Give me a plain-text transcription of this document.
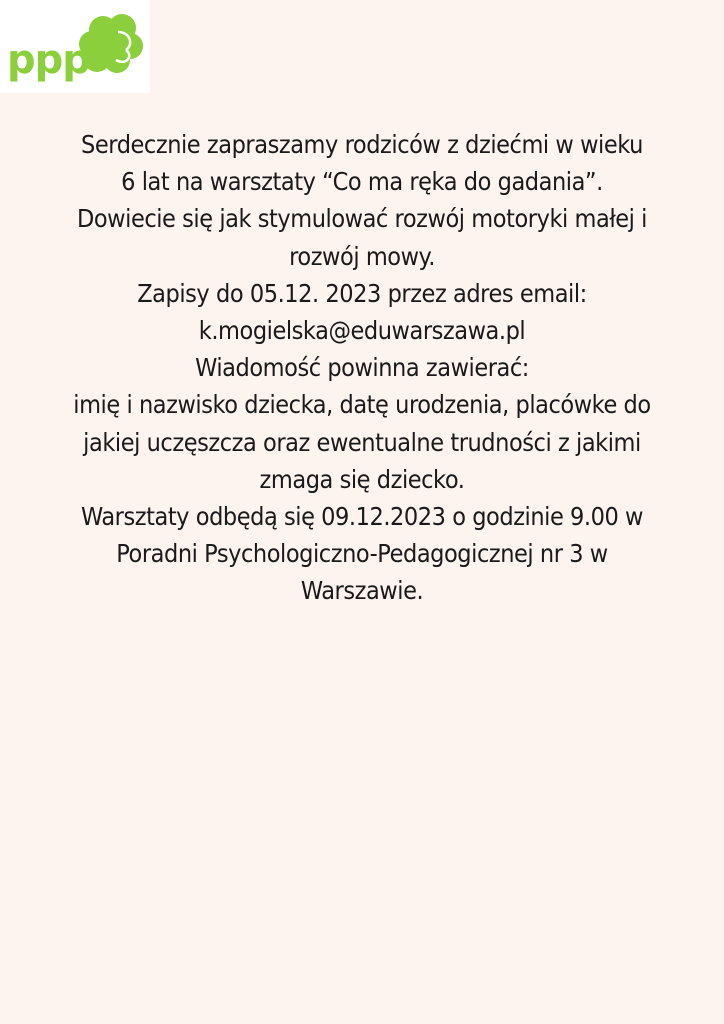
ppp
Serdecznie zapraszamy rodziców z dziećmi w wieku
6 lat na warsztaty “Co ma ręka do gadania”.
Dowiecie się jak stymulować rozwój motoryki małej i
rozwój mowy.
Zapisy do 05.12. 2023 przez adres email:
k.mogielska@eduwarszawa.pl
Wiadomość powinna zawierać:
imię i nazwisko dziecka, datę urodzenia, placówke do
jakiej uczęszcza oraz ewentualne trudności z jakimi
zmaga się dziecko.
Warsztaty odbędą się 09.12.2023 o godzinie 9.00 w
Poradni Psychologiczno-Pedagogicznej nr 3 w
Warszawie.
